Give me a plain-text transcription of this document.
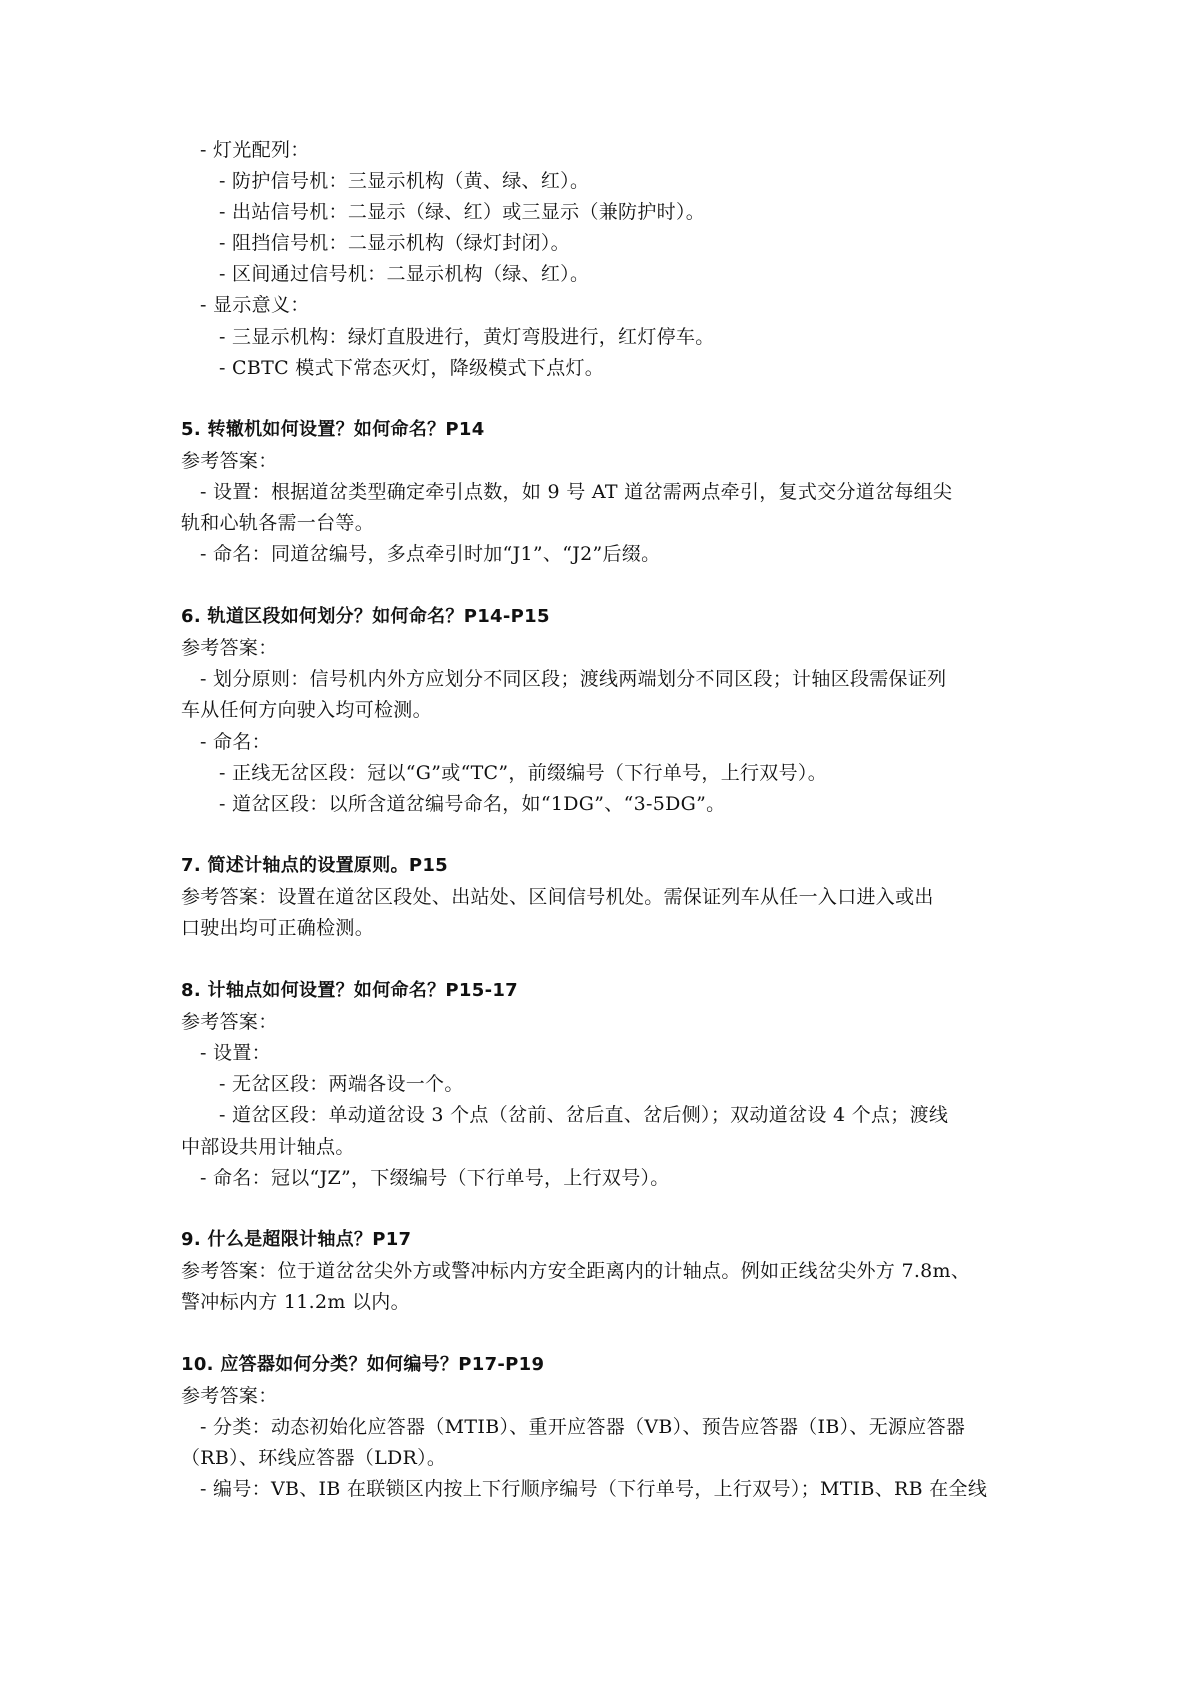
- 灯光配列：
- 防护信号机：三显示机构（黄、绿、红）。
- 出站信号机：二显示（绿、红）或三显示（兼防护时）。
- 阻挡信号机：二显示机构（绿灯封闭）。
- 区间通过信号机：二显示机构（绿、红）。
- 显示意义：
- 三显示机构：绿灯直股进行，黄灯弯股进行，红灯停车。
- CBTC 模式下常态灭灯，降级模式下点灯。
5. 转辙机如何设置？如何命名？P14
参考答案：
- 设置：根据道岔类型确定牵引点数，如 9 号 AT 道岔需两点牵引，复式交分道岔每组尖
轨和心轨各需一台等。
- 命名：同道岔编号，多点牵引时加“J1”、“J2”后缀。
6. 轨道区段如何划分？如何命名？P14-P15
参考答案：
- 划分原则：信号机内外方应划分不同区段；渡线两端划分不同区段；计轴区段需保证列
车从任何方向驶入均可检测。
- 命名：
- 正线无岔区段：冠以“G”或“TC”，前缀编号（下行单号，上行双号）。
- 道岔区段：以所含道岔编号命名，如“1DG”、“3-5DG”。
7. 简述计轴点的设置原则。P15
参考答案：设置在道岔区段处、出站处、区间信号机处。需保证列车从任一入口进入或出
口驶出均可正确检测。
8. 计轴点如何设置？如何命名？P15-17
参考答案：
- 设置：
- 无岔区段：两端各设一个。
- 道岔区段：单动道岔设 3 个点（岔前、岔后直、岔后侧）；双动道岔设 4 个点；渡线
中部设共用计轴点。
- 命名：冠以“JZ”，下缀编号（下行单号，上行双号）。
9. 什么是超限计轴点？P17
参考答案：位于道岔岔尖外方或警冲标内方安全距离内的计轴点。例如正线岔尖外方 7.8m、
警冲标内方 11.2m 以内。
10. 应答器如何分类？如何编号？P17-P19
参考答案：
- 分类：动态初始化应答器（MTIB）、重开应答器（VB）、预告应答器（IB）、无源应答器
（RB）、环线应答器（LDR）。
- 编号：VB、IB 在联锁区内按上下行顺序编号（下行单号，上行双号）；MTIB、RB 在全线
